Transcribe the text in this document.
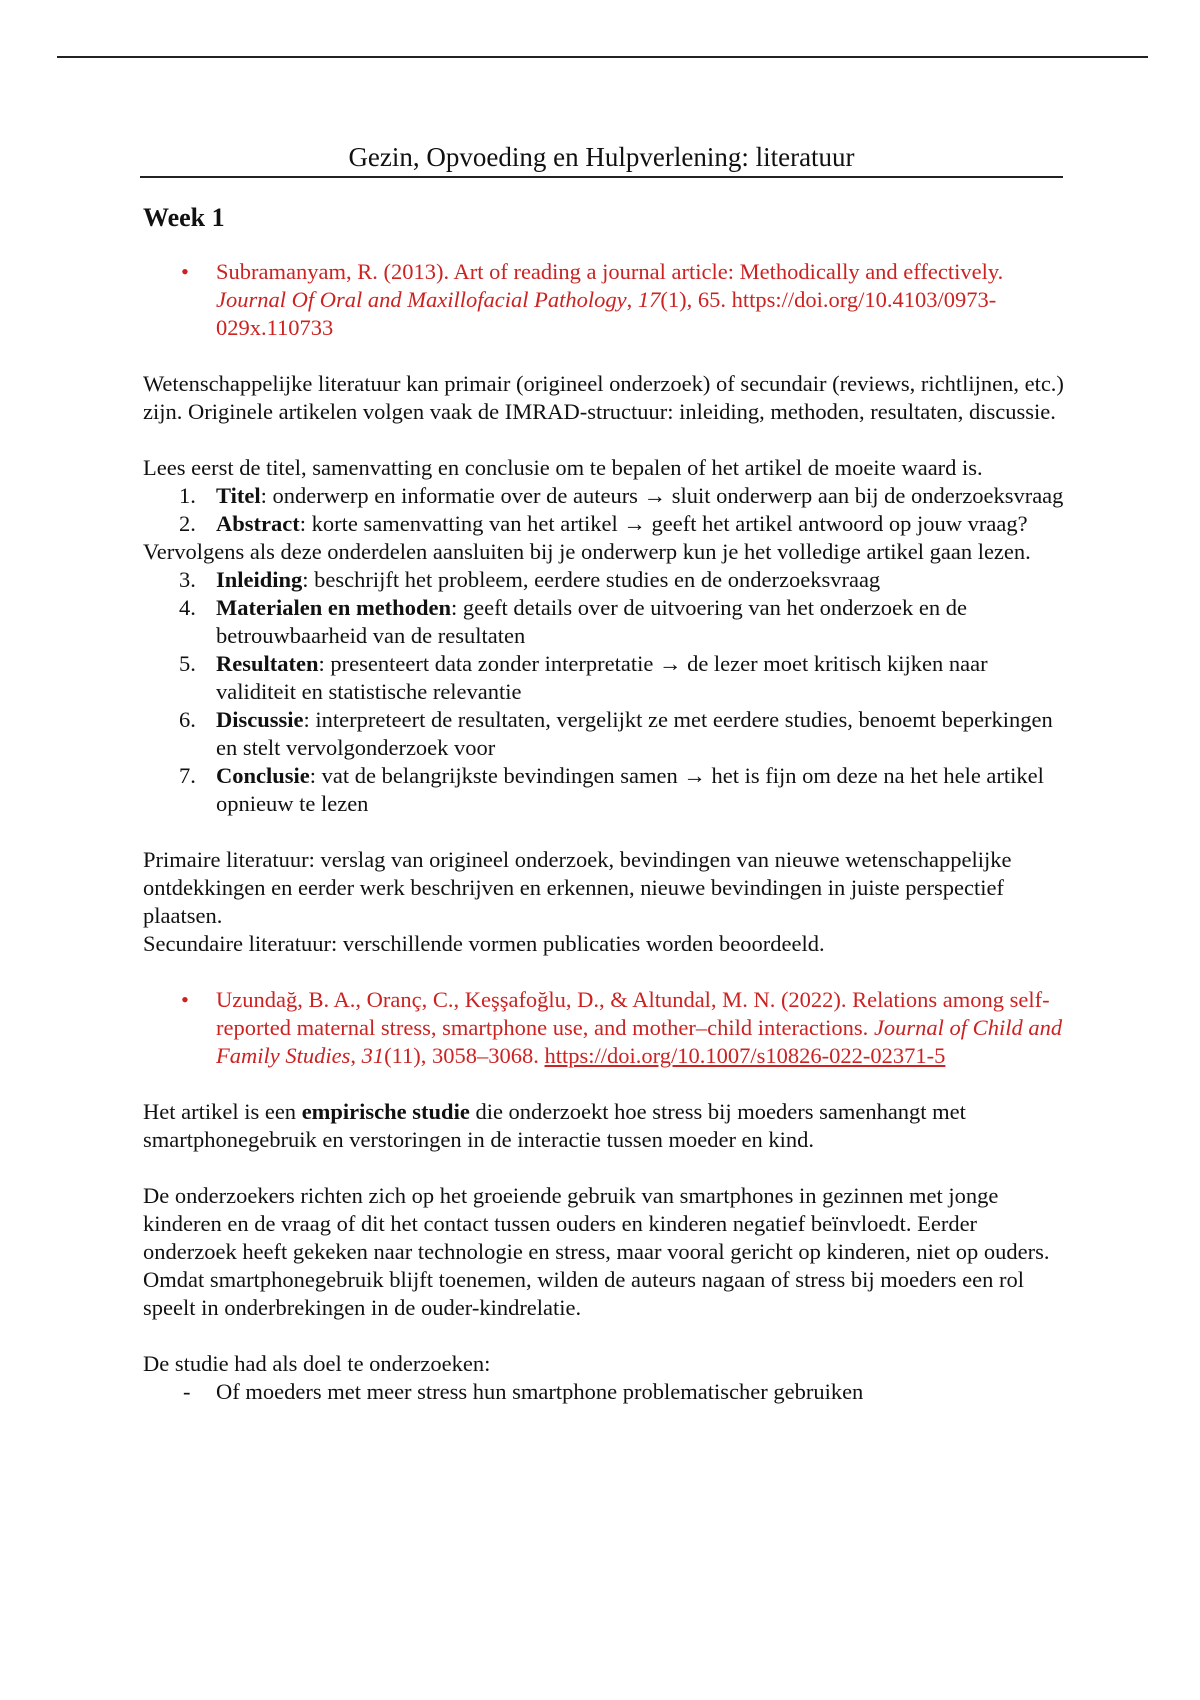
Gezin, Opvoeding en Hulpverlening: literatuur
Week 1
• Subramanyam, R. (2013). Art of reading a journal article: Methodically and effectively. Journal Of Oral and Maxillofacial Pathology, 17(1), 65. https://doi.org/10.4103/0973-029x.110733

Wetenschappelijke literatuur kan primair (origineel onderzoek) of secundair (reviews, richtlijnen, etc.) zijn. Originele artikelen volgen vaak de IMRAD-structuur: inleiding, methoden, resultaten, discussie.

Lees eerst de titel, samenvatting en conclusie om te bepalen of het artikel de moeite waard is.

1. Titel: onderwerp en informatie over de auteurs → sluit onderwerp aan bij de onderzoeksvraag
2. Abstract: korte samenvatting van het artikel → geeft het artikel antwoord op jouw vraag?

Vervolgens als deze onderdelen aansluiten bij je onderwerp kun je het volledige artikel gaan lezen.

3. Inleiding: beschrijft het probleem, eerdere studies en de onderzoeksvraag
4. Materialen en methoden: geeft details over de uitvoering van het onderzoek en de betrouwbaarheid van de resultaten
5. Resultaten: presenteert data zonder interpretatie → de lezer moet kritisch kijken naar validiteit en statistische relevantie
6. Discussie: interpreteert de resultaten, vergelijkt ze met eerdere studies, benoemt beperkingen en stelt vervolgonderzoek voor
7. Conclusie: vat de belangrijkste bevindingen samen → het is fijn om deze na het hele artikel opnieuw te lezen

Primaire literatuur: verslag van origineel onderzoek, bevindingen van nieuwe wetenschappelijke ontdekkingen en eerder werk beschrijven en erkennen, nieuwe bevindingen in juiste perspectief plaatsen.

Secundaire literatuur: verschillende vormen publicaties worden beoordeeld.

• Uzundağ, B. A., Oranç, C., Keşşafoğlu, D., & Altundal, M. N. (2022). Relations among self-reported maternal stress, smartphone use, and mother–child interactions. Journal of Child and Family Studies, 31(11), 3058–3068. https://doi.org/10.1007/s10826-022-02371-5

Het artikel is een empirische studie die onderzoekt hoe stress bij moeders samenhangt met smartphonegebruik en verstoringen in de interactie tussen moeder en kind.

De onderzoekers richten zich op het groeiende gebruik van smartphones in gezinnen met jonge kinderen en de vraag of dit het contact tussen ouders en kinderen negatief beïnvloedt. Eerder onderzoek heeft gekeken naar technologie en stress, maar vooral gericht op kinderen, niet op ouders. Omdat smartphonegebruik blijft toenemen, wilden de auteurs nagaan of stress bij moeders een rol speelt in onderbrekingen in de ouder-kindrelatie.

De studie had als doel te onderzoeken:

- Of moeders met meer stress hun smartphone problematischer gebruiken
